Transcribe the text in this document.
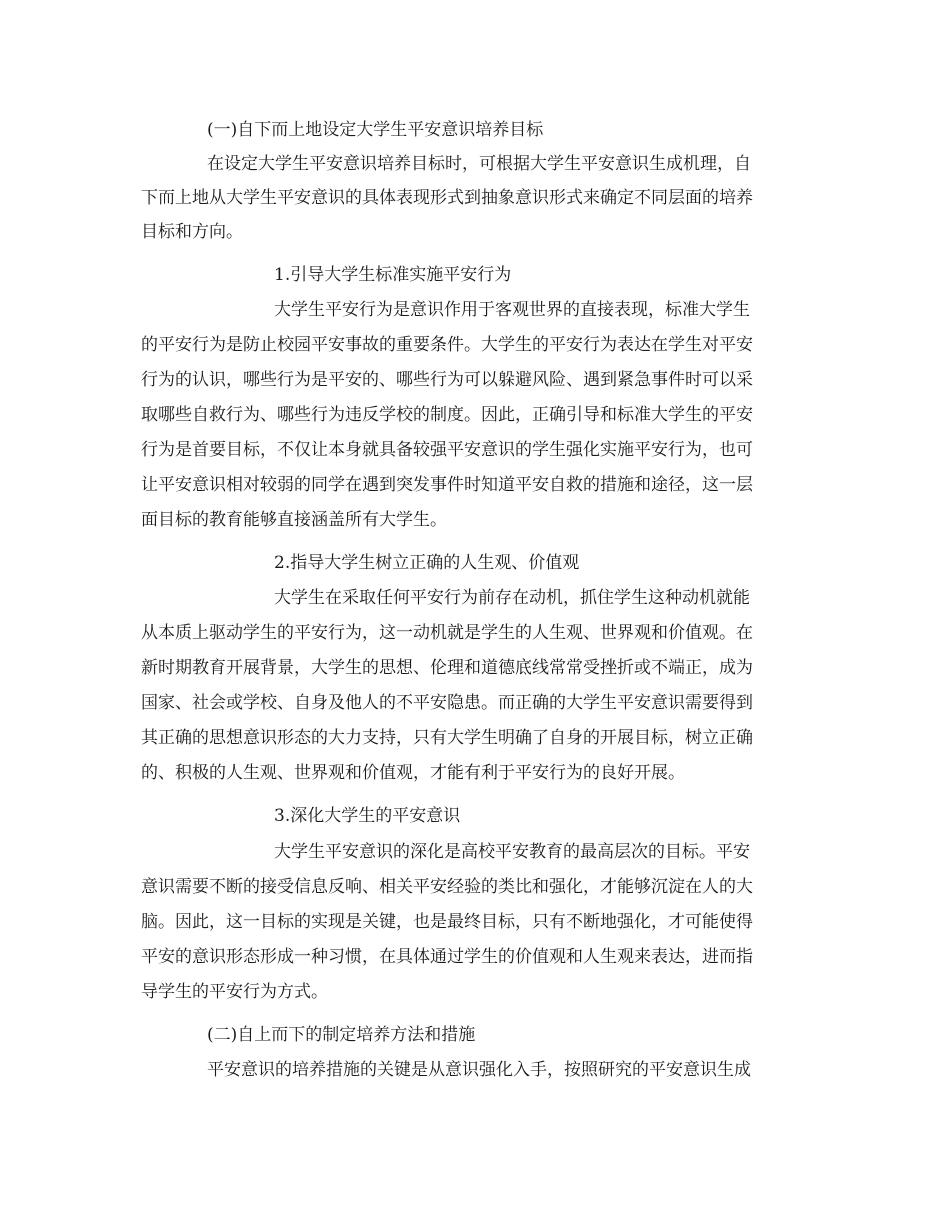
(一)自下而上地设定大学生平安意识培养目标

在设定大学生平安意识培养目标时，可根据大学生平安意识生成机理，自

下而上地从大学生平安意识的具体表现形式到抽象意识形式来确定不同层面的培养

目标和方向。

1.引导大学生标准实施平安行为

大学生平安行为是意识作用于客观世界的直接表现，标准大学生

的平安行为是防止校园平安事故的重要条件。大学生的平安行为表达在学生对平安

行为的认识，哪些行为是平安的、哪些行为可以躲避风险、遇到紧急事件时可以采

取哪些自救行为、哪些行为违反学校的制度。因此，正确引导和标准大学生的平安

行为是首要目标，不仅让本身就具备较强平安意识的学生强化实施平安行为，也可

让平安意识相对较弱的同学在遇到突发事件时知道平安自救的措施和途径，这一层

面目标的教育能够直接涵盖所有大学生。

2.指导大学生树立正确的人生观、价值观

大学生在采取任何平安行为前存在动机，抓住学生这种动机就能

从本质上驱动学生的平安行为，这一动机就是学生的人生观、世界观和价值观。在

新时期教育开展背景，大学生的思想、伦理和道德底线常常受挫折或不端正，成为

国家、社会或学校、自身及他人的不平安隐患。而正确的大学生平安意识需要得到

其正确的思想意识形态的大力支持，只有大学生明确了自身的开展目标，树立正确

的、积极的人生观、世界观和价值观，才能有利于平安行为的良好开展。

3.深化大学生的平安意识

大学生平安意识的深化是高校平安教育的最高层次的目标。平安

意识需要不断的接受信息反响、相关平安经验的类比和强化，才能够沉淀在人的大

脑。因此，这一目标的实现是关键，也是最终目标，只有不断地强化，才可能使得

平安的意识形态形成一种习惯，在具体通过学生的价值观和人生观来表达，进而指

导学生的平安行为方式。

(二)自上而下的制定培养方法和措施

平安意识的培养措施的关键是从意识强化入手，按照研究的平安意识生成
